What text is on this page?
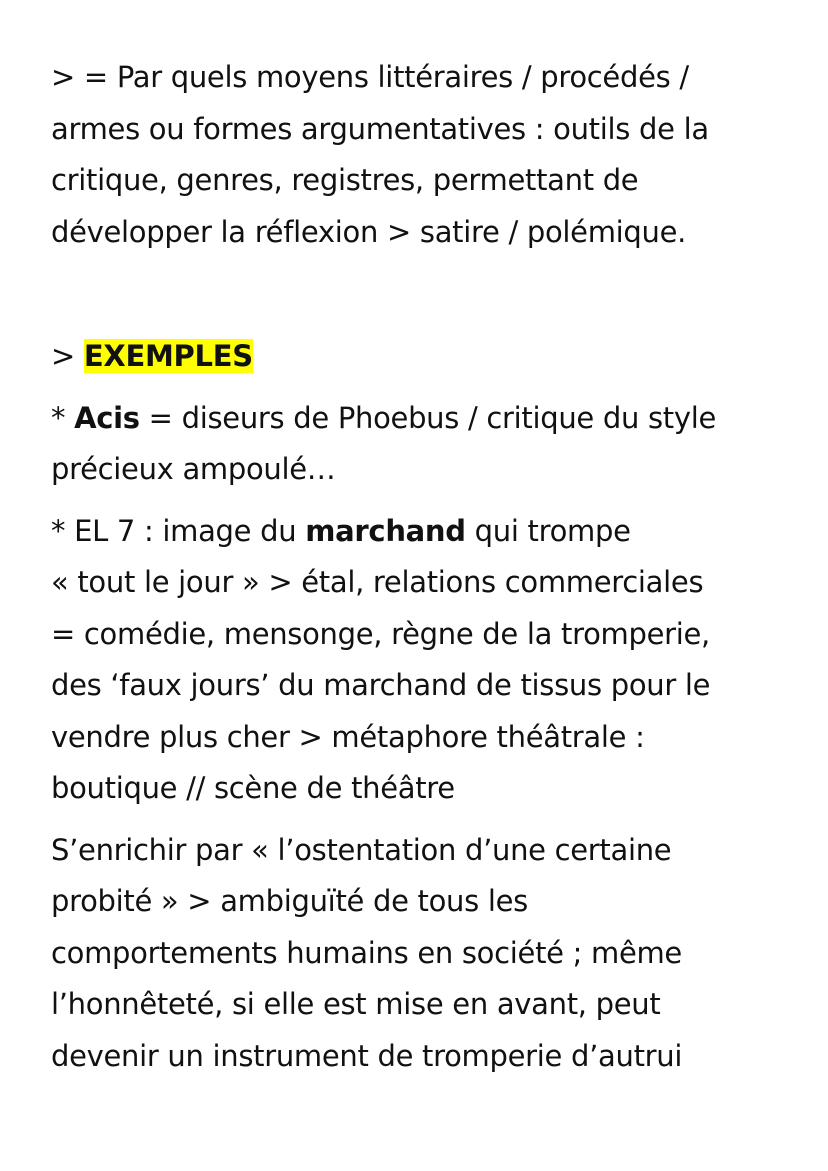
> = Par quels moyens littéraires / procédés /
armes ou formes argumentatives : outils de la
critique, genres, registres, permettant de
développer la réflexion > satire / polémique.

> EXEMPLES

* Acis = diseurs de Phoebus / critique du style
précieux ampoulé…

* EL 7 : image du marchand qui trompe
« tout le jour » > étal, relations commerciales
= comédie, mensonge, règne de la tromperie,
des ‘faux jours’ du marchand de tissus pour le
vendre plus cher > métaphore théâtrale :
boutique // scène de théâtre

S’enrichir par « l’ostentation d’une certaine
probité » > ambiguïté de tous les
comportements humains en société ; même
l’honnêteté, si elle est mise en avant, peut
devenir un instrument de tromperie d’autrui
